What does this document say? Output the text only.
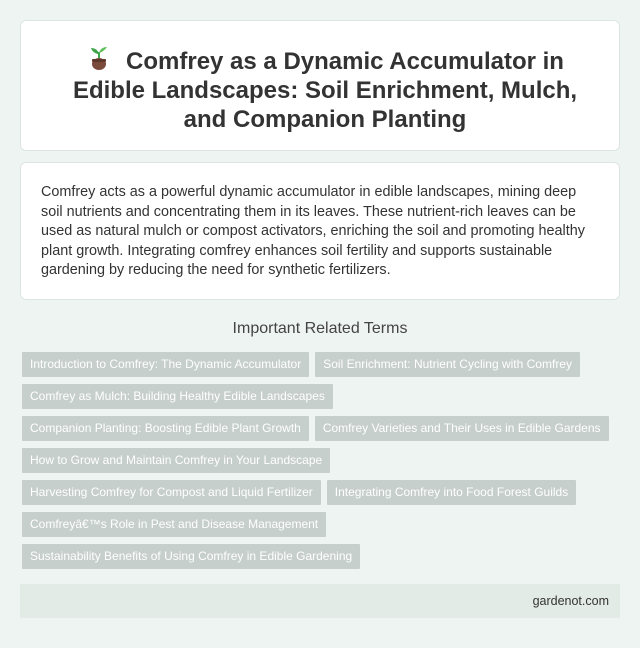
Comfrey as a Dynamic Accumulator in Edible Landscapes: Soil Enrichment, Mulch, and Companion Planting

Comfrey acts as a powerful dynamic accumulator in edible landscapes, mining deep soil nutrients and concentrating them in its leaves. These nutrient-rich leaves can be used as natural mulch or compost activators, enriching the soil and promoting healthy plant growth. Integrating comfrey enhances soil fertility and supports sustainable gardening by reducing the need for synthetic fertilizers.

Important Related Terms
Introduction to Comfrey: The Dynamic Accumulator	Soil Enrichment: Nutrient Cycling with Comfrey
Comfrey as Mulch: Building Healthy Edible Landscapes
Companion Planting: Boosting Edible Plant Growth	Comfrey Varieties and Their Uses in Edible Gardens
How to Grow and Maintain Comfrey in Your Landscape
Harvesting Comfrey for Compost and Liquid Fertilizer	Integrating Comfrey into Food Forest Guilds
Comfreyâ€™s Role in Pest and Disease Management
Sustainability Benefits of Using Comfrey in Edible Gardening
gardenot.com
